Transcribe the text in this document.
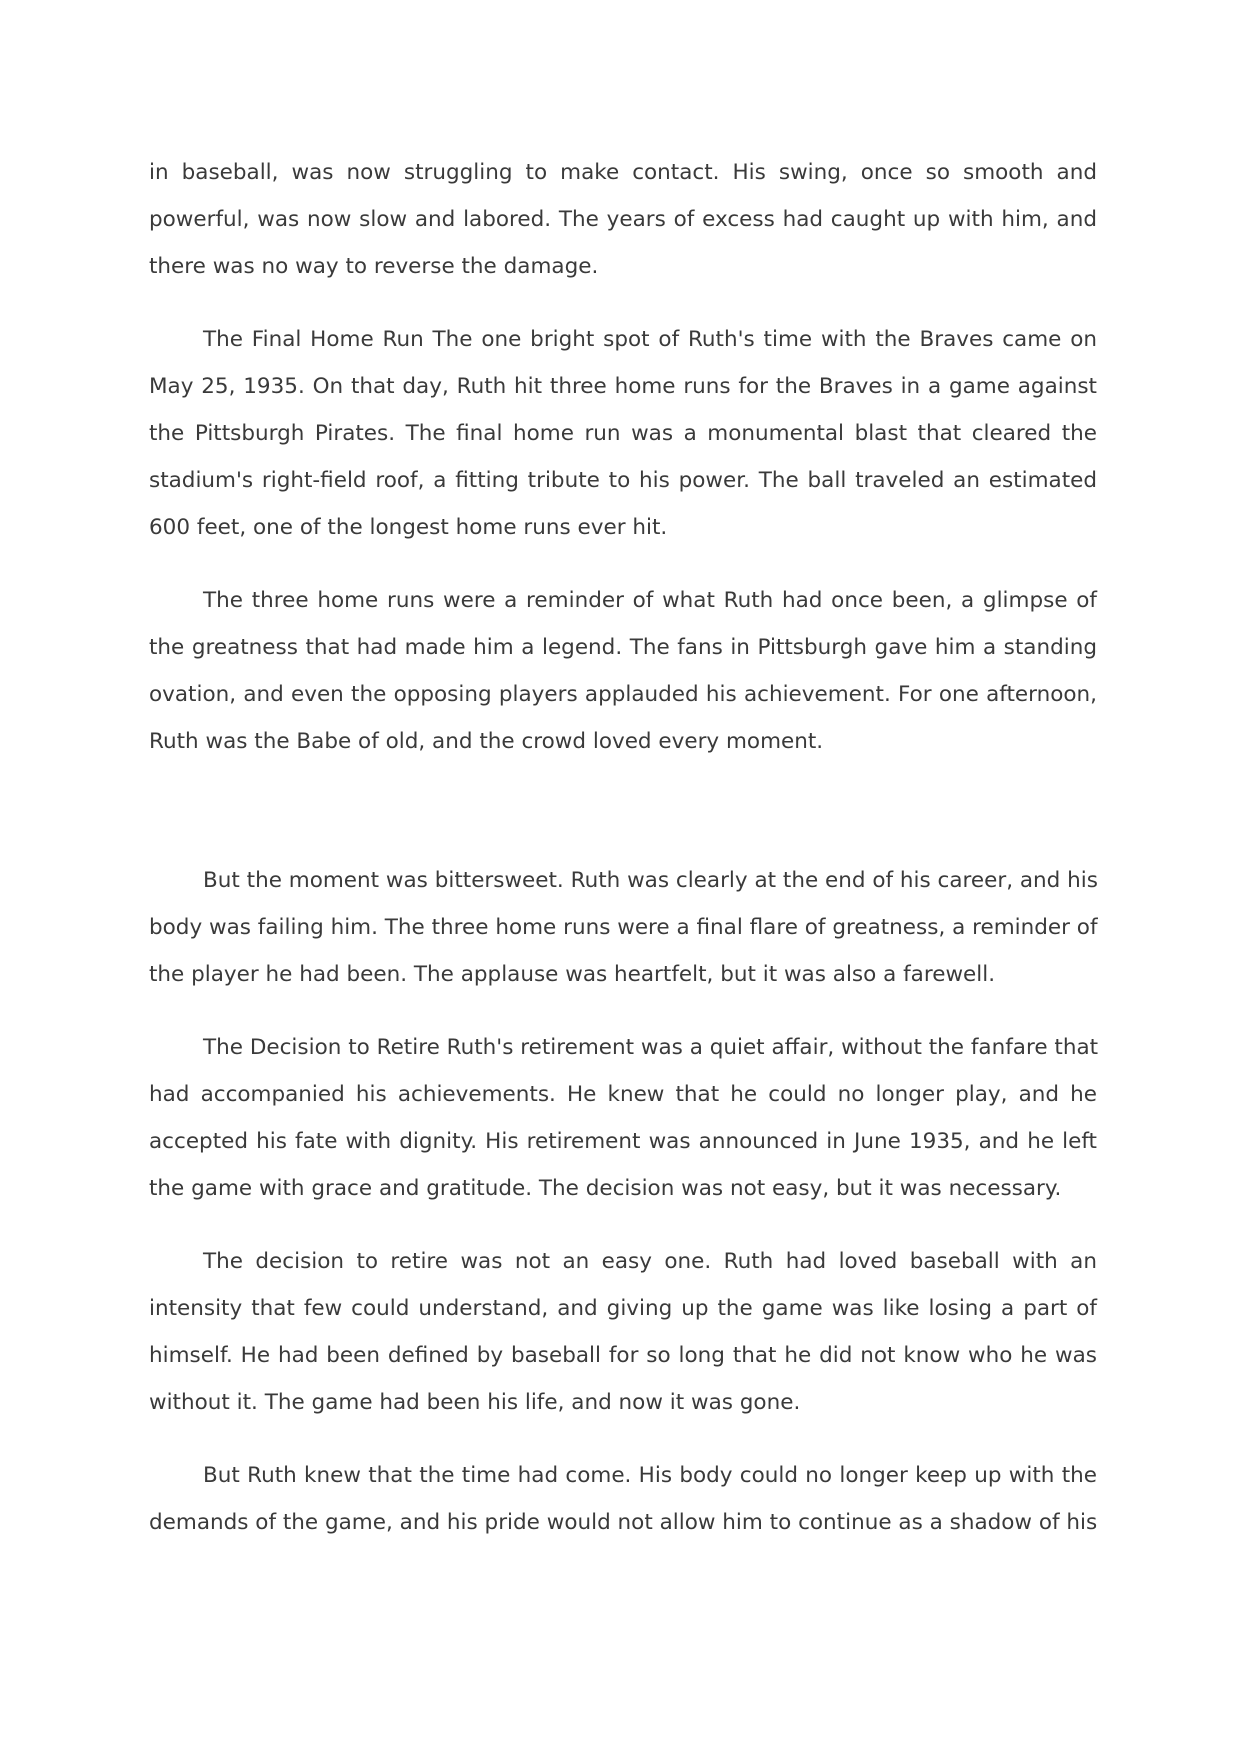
in baseball, was now struggling to make contact. His swing, once so smooth and
powerful, was now slow and labored. The years of excess had caught up with him, and
there was no way to reverse the damage.
The Final Home Run The one bright spot of Ruth's time with the Braves came on
May 25, 1935. On that day, Ruth hit three home runs for the Braves in a game against
the Pittsburgh Pirates. The final home run was a monumental blast that cleared the
stadium's right-field roof, a fitting tribute to his power. The ball traveled an estimated
600 feet, one of the longest home runs ever hit.
The three home runs were a reminder of what Ruth had once been, a glimpse of
the greatness that had made him a legend. The fans in Pittsburgh gave him a standing
ovation, and even the opposing players applauded his achievement. For one afternoon,
Ruth was the Babe of old, and the crowd loved every moment.
But the moment was bittersweet. Ruth was clearly at the end of his career, and his
body was failing him. The three home runs were a final flare of greatness, a reminder of
the player he had been. The applause was heartfelt, but it was also a farewell.
The Decision to Retire Ruth's retirement was a quiet affair, without the fanfare that
had accompanied his achievements. He knew that he could no longer play, and he
accepted his fate with dignity. His retirement was announced in June 1935, and he left
the game with grace and gratitude. The decision was not easy, but it was necessary.
The decision to retire was not an easy one. Ruth had loved baseball with an
intensity that few could understand, and giving up the game was like losing a part of
himself. He had been defined by baseball for so long that he did not know who he was
without it. The game had been his life, and now it was gone.
But Ruth knew that the time had come. His body could no longer keep up with the
demands of the game, and his pride would not allow him to continue as a shadow of his
